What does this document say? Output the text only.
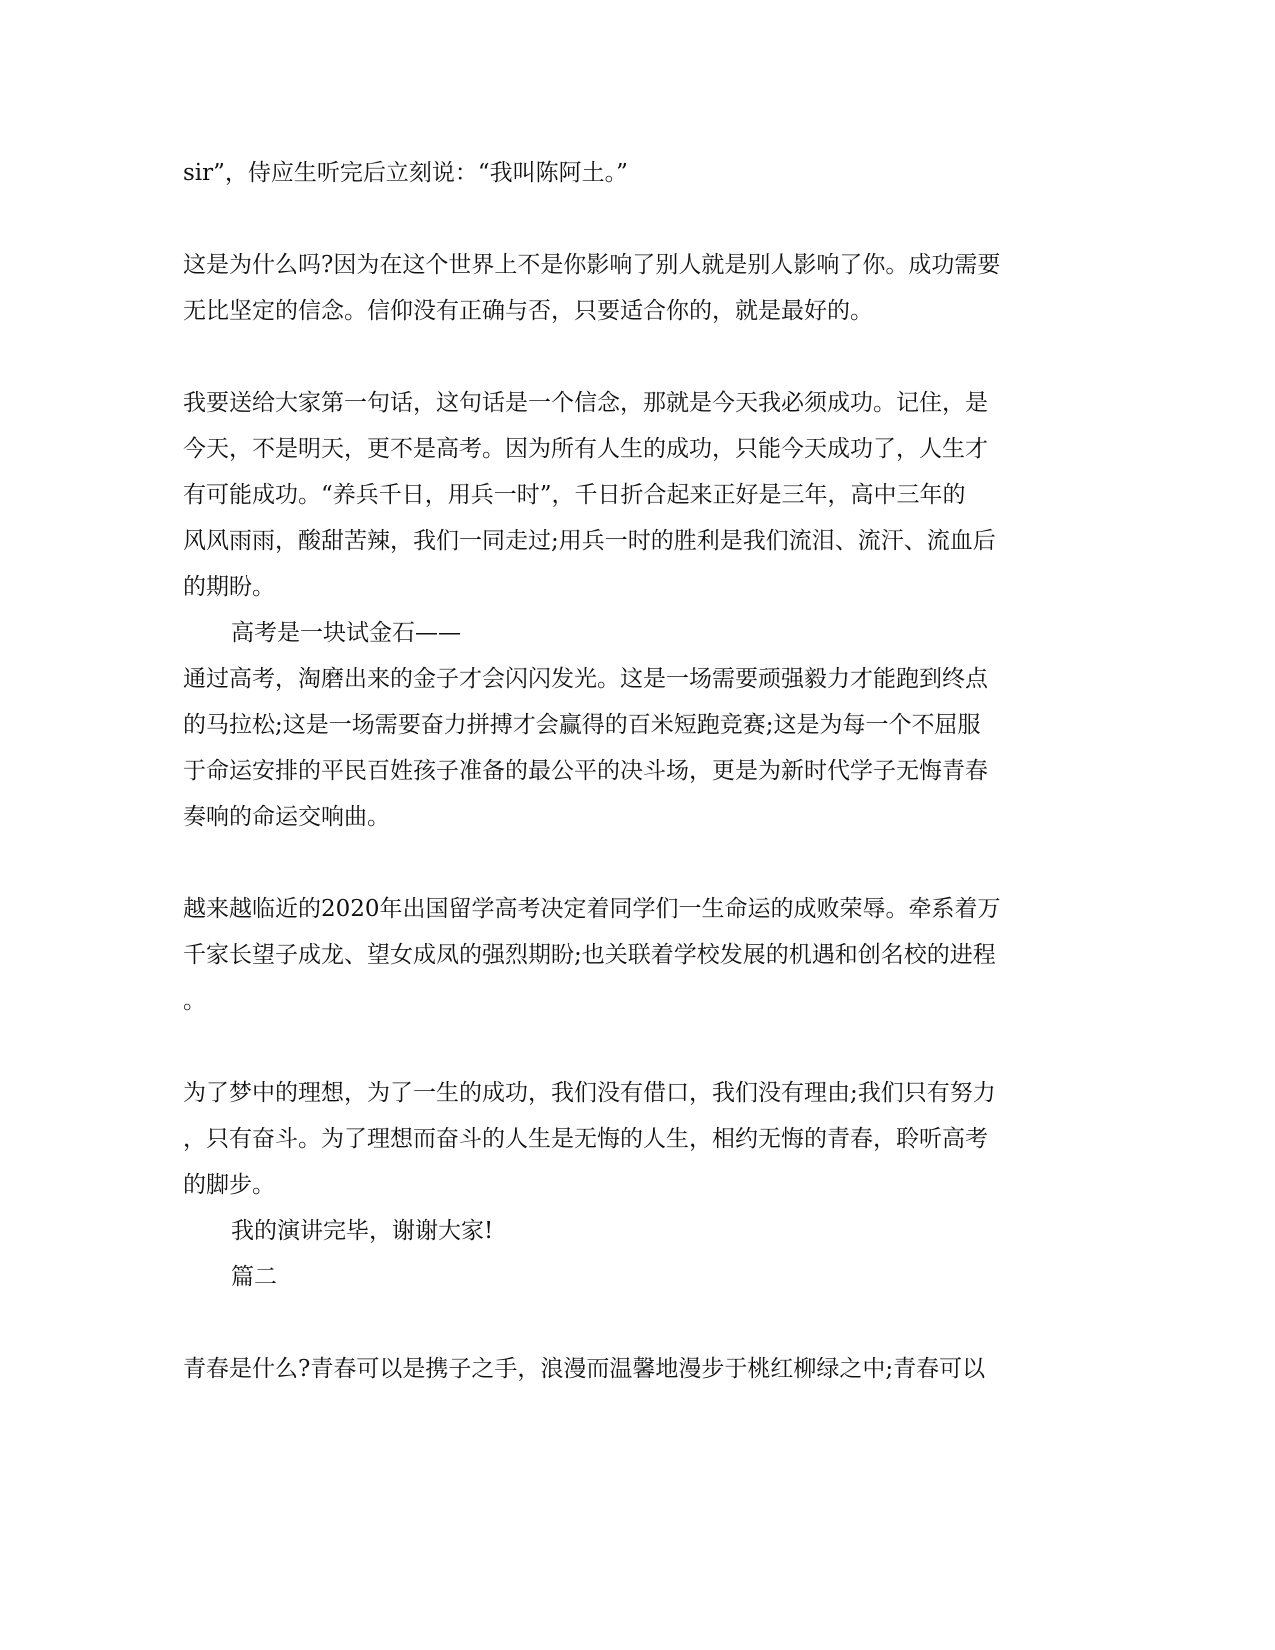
sir”，侍应生听完后立刻说：“我叫陈阿土。”
这是为什么吗?因为在这个世界上不是你影响了别人就是别人影响了你。成功需要
无比坚定的信念。信仰没有正确与否，只要适合你的，就是最好的。
我要送给大家第一句话，这句话是一个信念，那就是今天我必须成功。记住，是
今天，不是明天，更不是高考。因为所有人生的成功，只能今天成功了，人生才
有可能成功。“养兵千日，用兵一时”，千日折合起来正好是三年，高中三年的
风风雨雨，酸甜苦辣，我们一同走过;用兵一时的胜利是我们流泪、流汗、流血后
的期盼。
高考是一块试金石——
通过高考，淘磨出来的金子才会闪闪发光。这是一场需要顽强毅力才能跑到终点
的马拉松;这是一场需要奋力拼搏才会赢得的百米短跑竞赛;这是为每一个不屈服
于命运安排的平民百姓孩子准备的最公平的决斗场，更是为新时代学子无悔青春
奏响的命运交响曲。
越来越临近的2020年出国留学高考决定着同学们一生命运的成败荣辱。牵系着万
千家长望子成龙、望女成凤的强烈期盼;也关联着学校发展的机遇和创名校的进程
。
为了梦中的理想，为了一生的成功，我们没有借口，我们没有理由;我们只有努力
，只有奋斗。为了理想而奋斗的人生是无悔的人生，相约无悔的青春，聆听高考
的脚步。
我的演讲完毕，谢谢大家!
篇二
青春是什么?青春可以是携子之手，浪漫而温馨地漫步于桃红柳绿之中;青春可以
